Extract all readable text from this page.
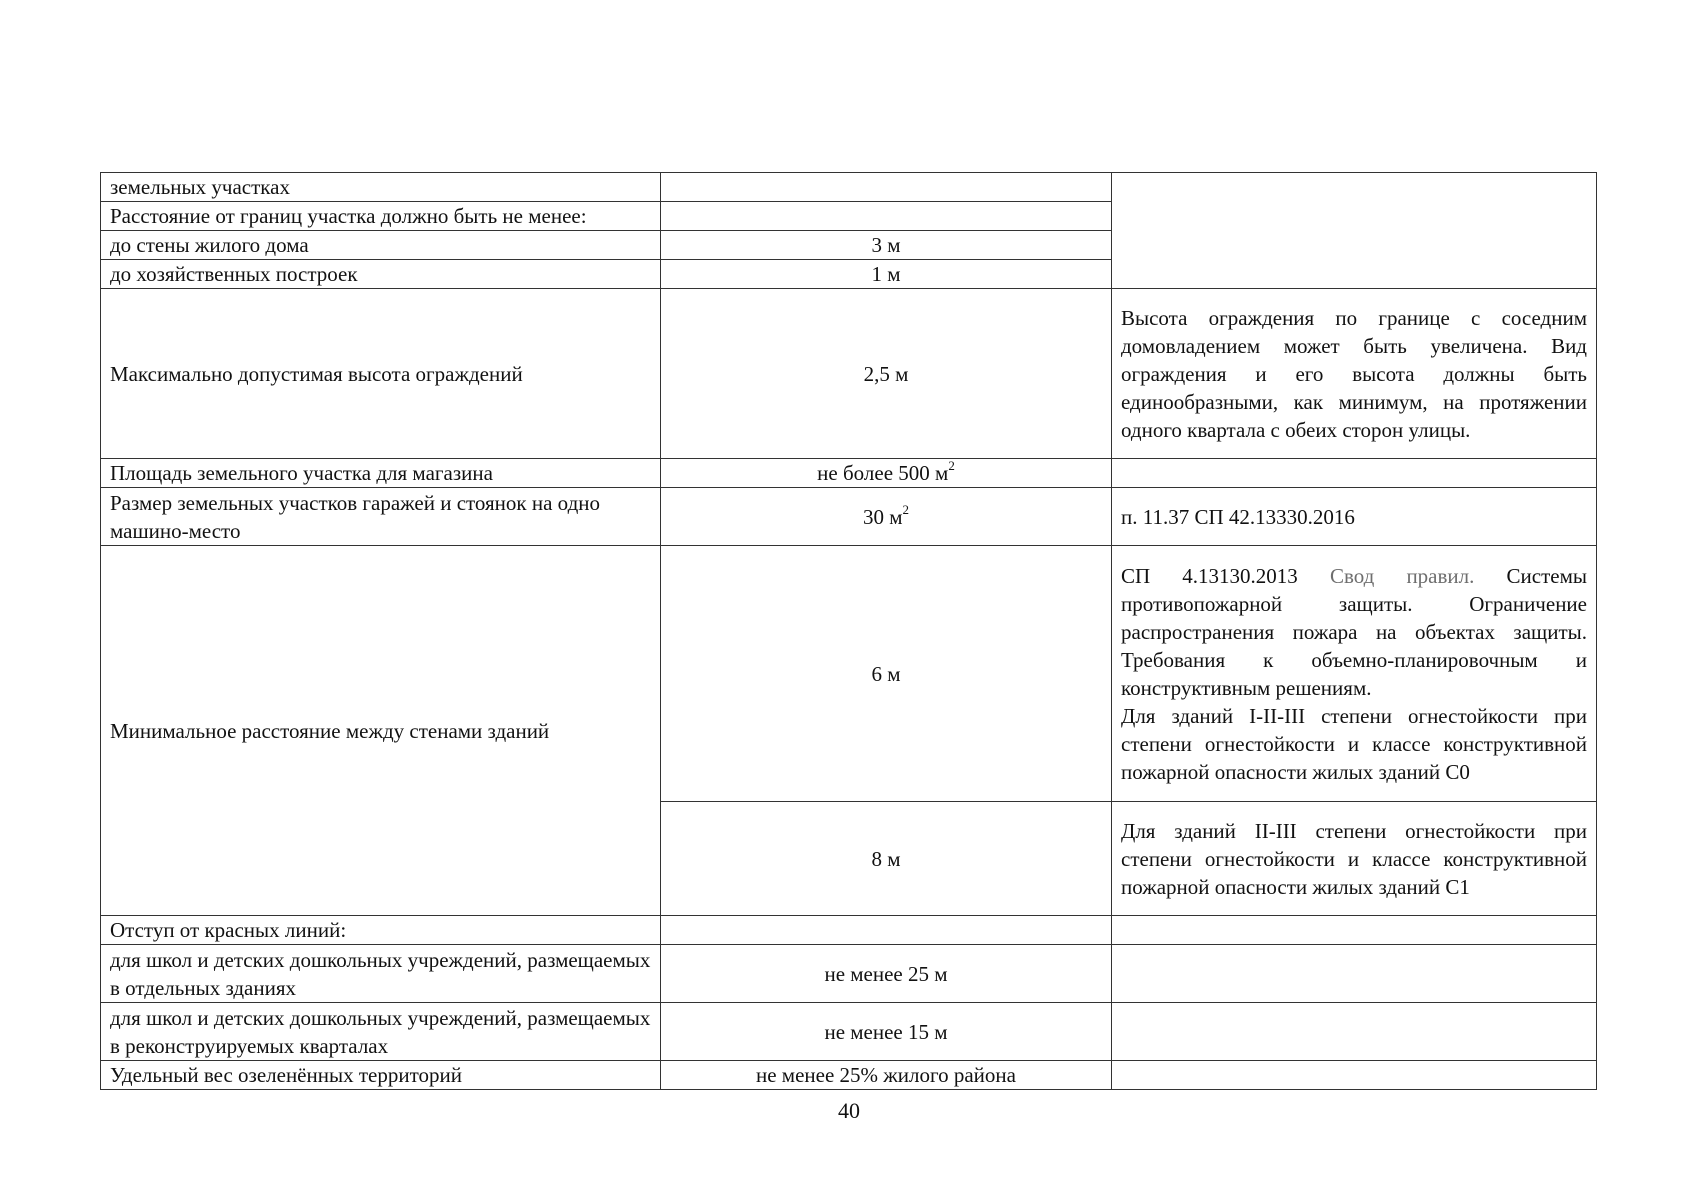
земельных участках		
Расстояние от границ участка должно быть не менее:		
до стены жилого дома	3 м	
до хозяйственных построек	1 м	
Максимально допустимая высота ограждений	2,5 м	Высота ограждения по границе с соседним домовладением может быть увеличена. Вид ограждения и его высота должны быть единообразными, как минимум, на протяжении одного квартала с обеих сторон улицы.
Площадь земельного участка для магазина	не более 500 $м^2$	
Размер земельных участков гаражей и стоянок на одно машино-место	30 $м^2$	п. 11.37 СП 42.13330.2016
Минимальное расстояние между стенами зданий	6 м	СП 4.13130.2013 Свод правил. Системы противопожарной защиты. Ограничение распространения пожара на объектах защиты. Требования к объемно-планировочным и конструктивным решениям.
Для зданий I-II-III степени огнестойкости при степени огнестойкости и классе конструктивной пожарной опасности жилых зданий С0

	8 м	Для зданий II-III степени огнестойкости при степени огнестойкости и классе конструктивной пожарной опасности жилых зданий С1
Отступ от красных линий:		
для школ и детских дошкольных учреждений, размещаемых в отдельных зданиях	не менее 25 м	
для школ и детских дошкольных учреждений, размещаемых в реконструируемых кварталах	не менее 15 м	
Удельный вес озеленённых территорий	не менее 25% жилого района	
40
